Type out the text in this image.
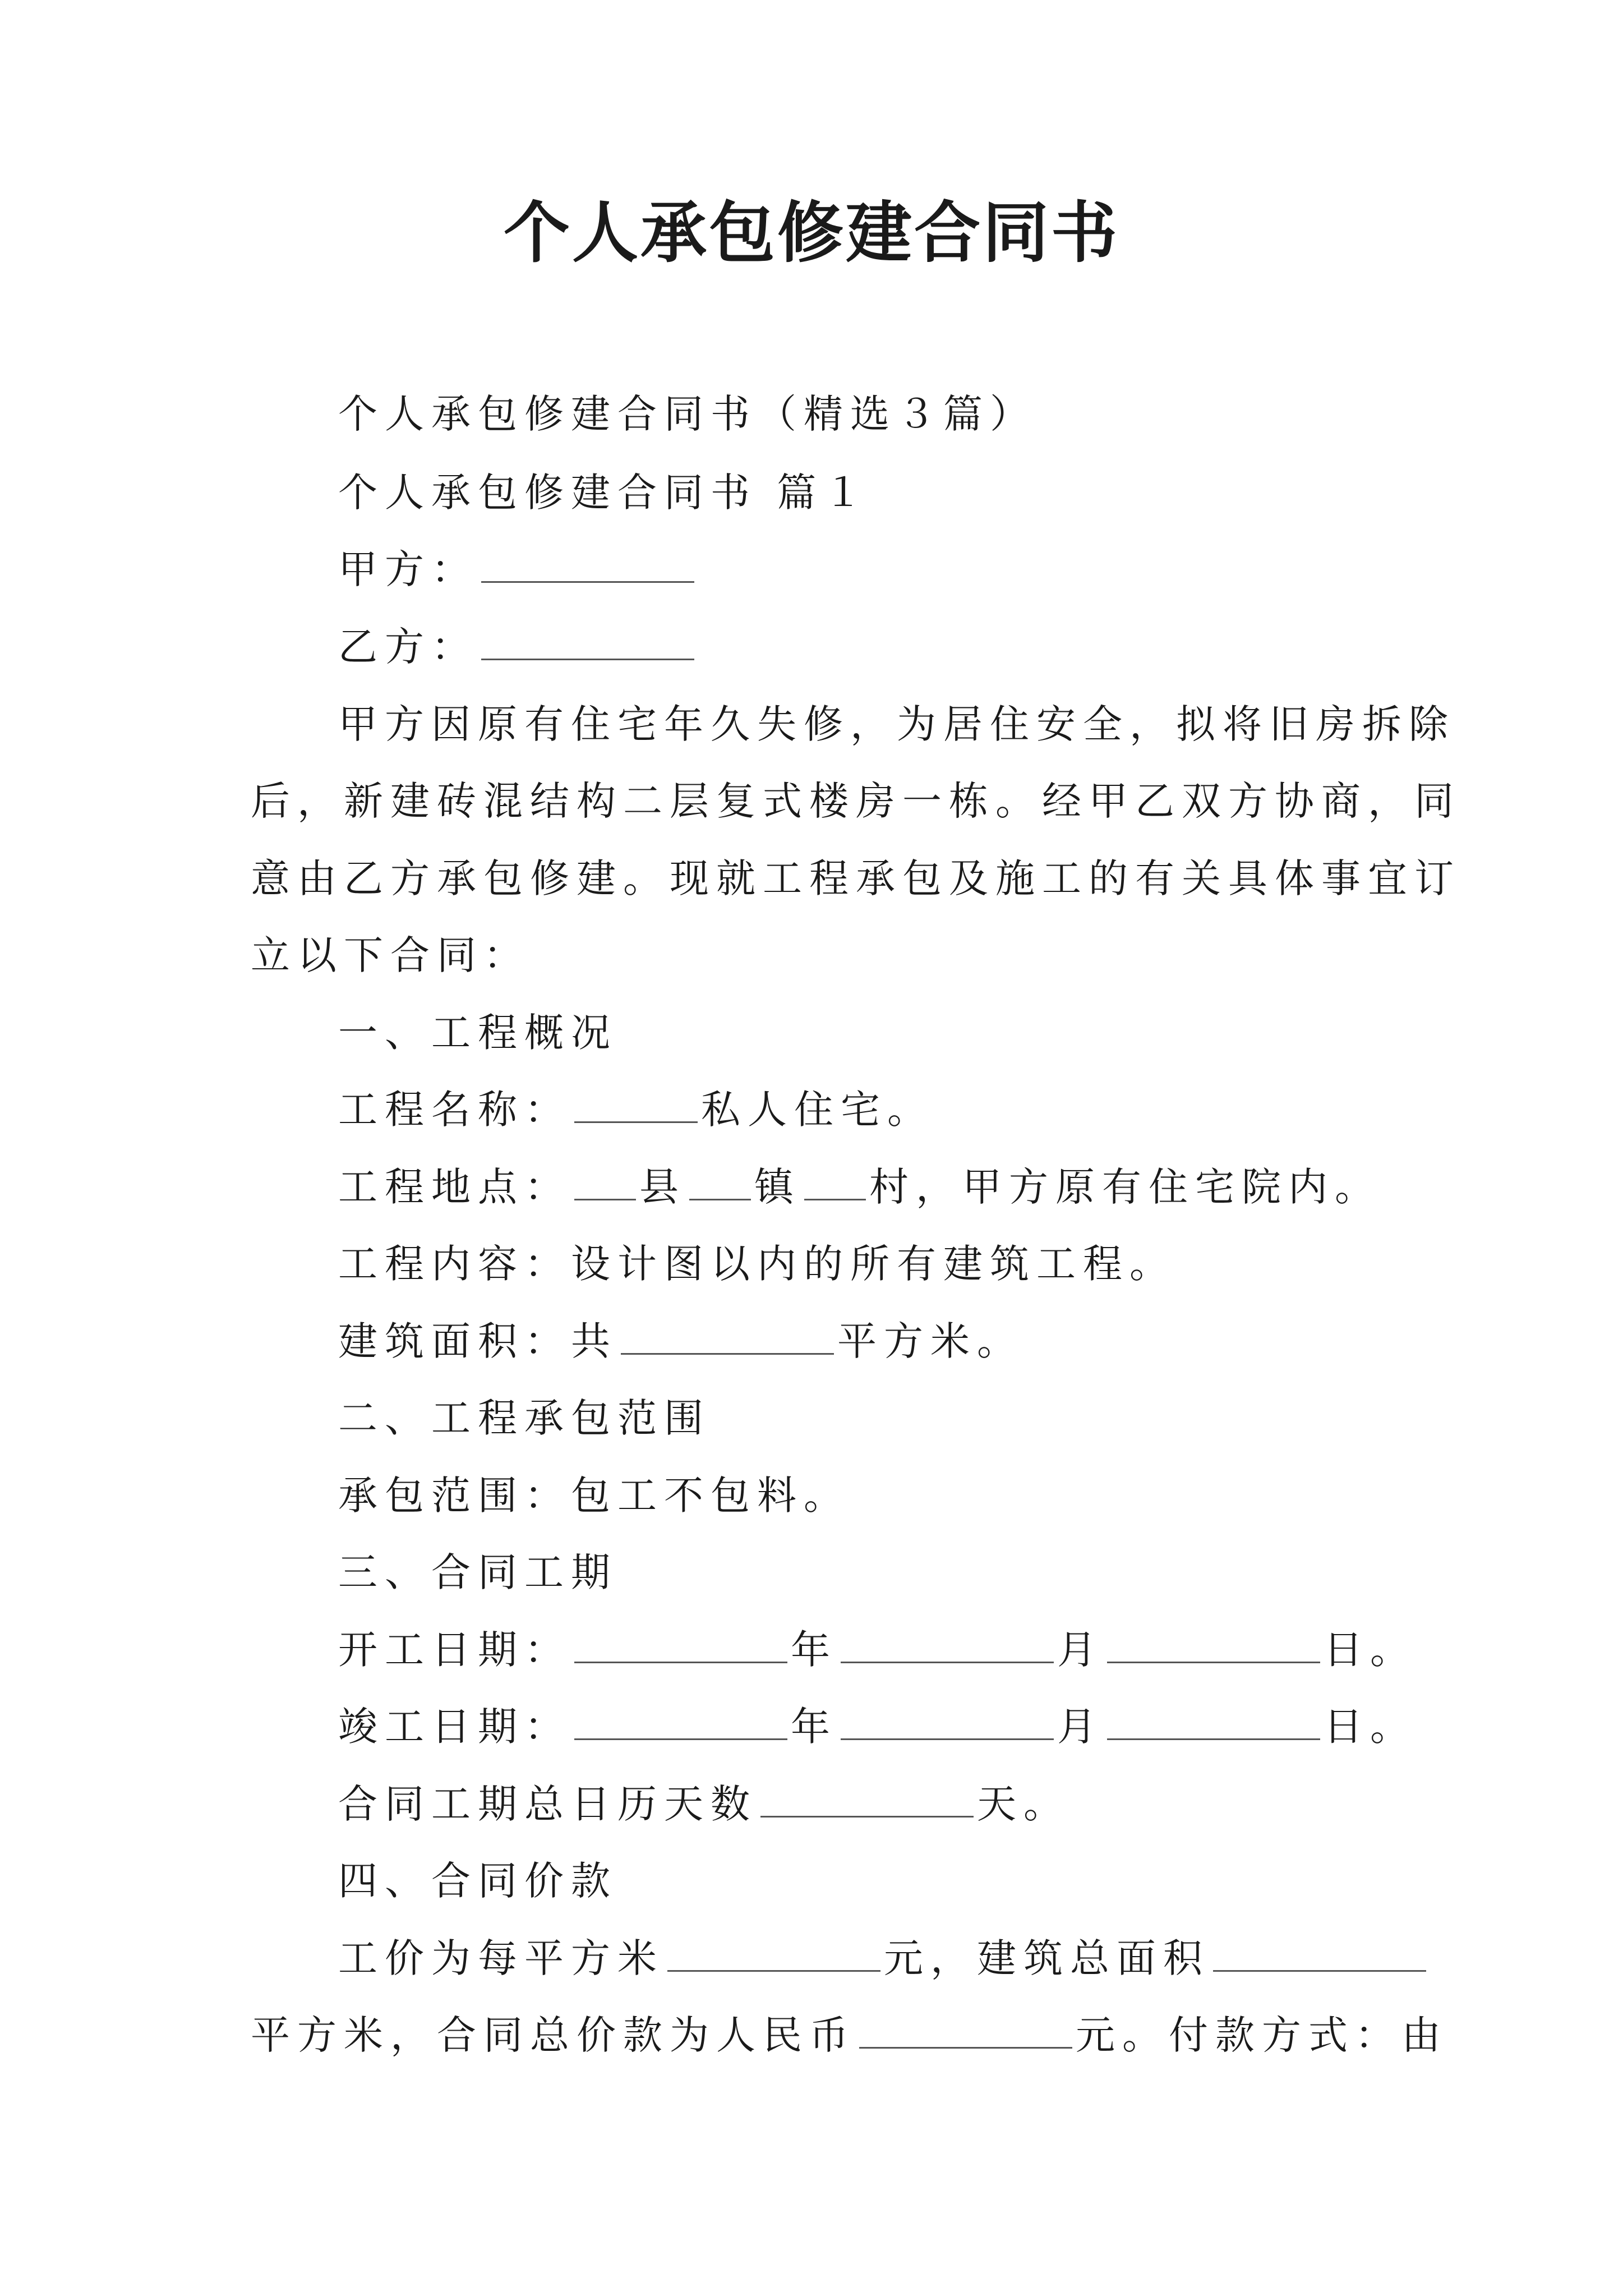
个人承包修建合同书
个人承包修建合同书（精选３篇）
个人承包修建合同书 篇１
甲方：
乙方：
甲方因原有住宅年久失修，为居住安全，拟将旧房拆除
后，新建砖混结构二层复式楼房一栋。经甲乙双方协商，同
意由乙方承包修建。现就工程承包及施工的有关具体事宜订
立以下合同：
一、工程概况
工程名称：	私人住宅。
工程地点： 县 镇 村，甲方原有住宅院内。
工程内容：设计图以内的所有建筑工程。
建筑面积：共	平方米。
二、工程承包范围
承包范围：包工不包料。
三、合同工期
开工日期：	年	月	日。
竣工日期：	年	月	日。
合同工期总日历天数	天。
四、合同价款
工价为每平方米	元，建筑总面积
平方米，合同总价款为人民币	元。付款方式：由
